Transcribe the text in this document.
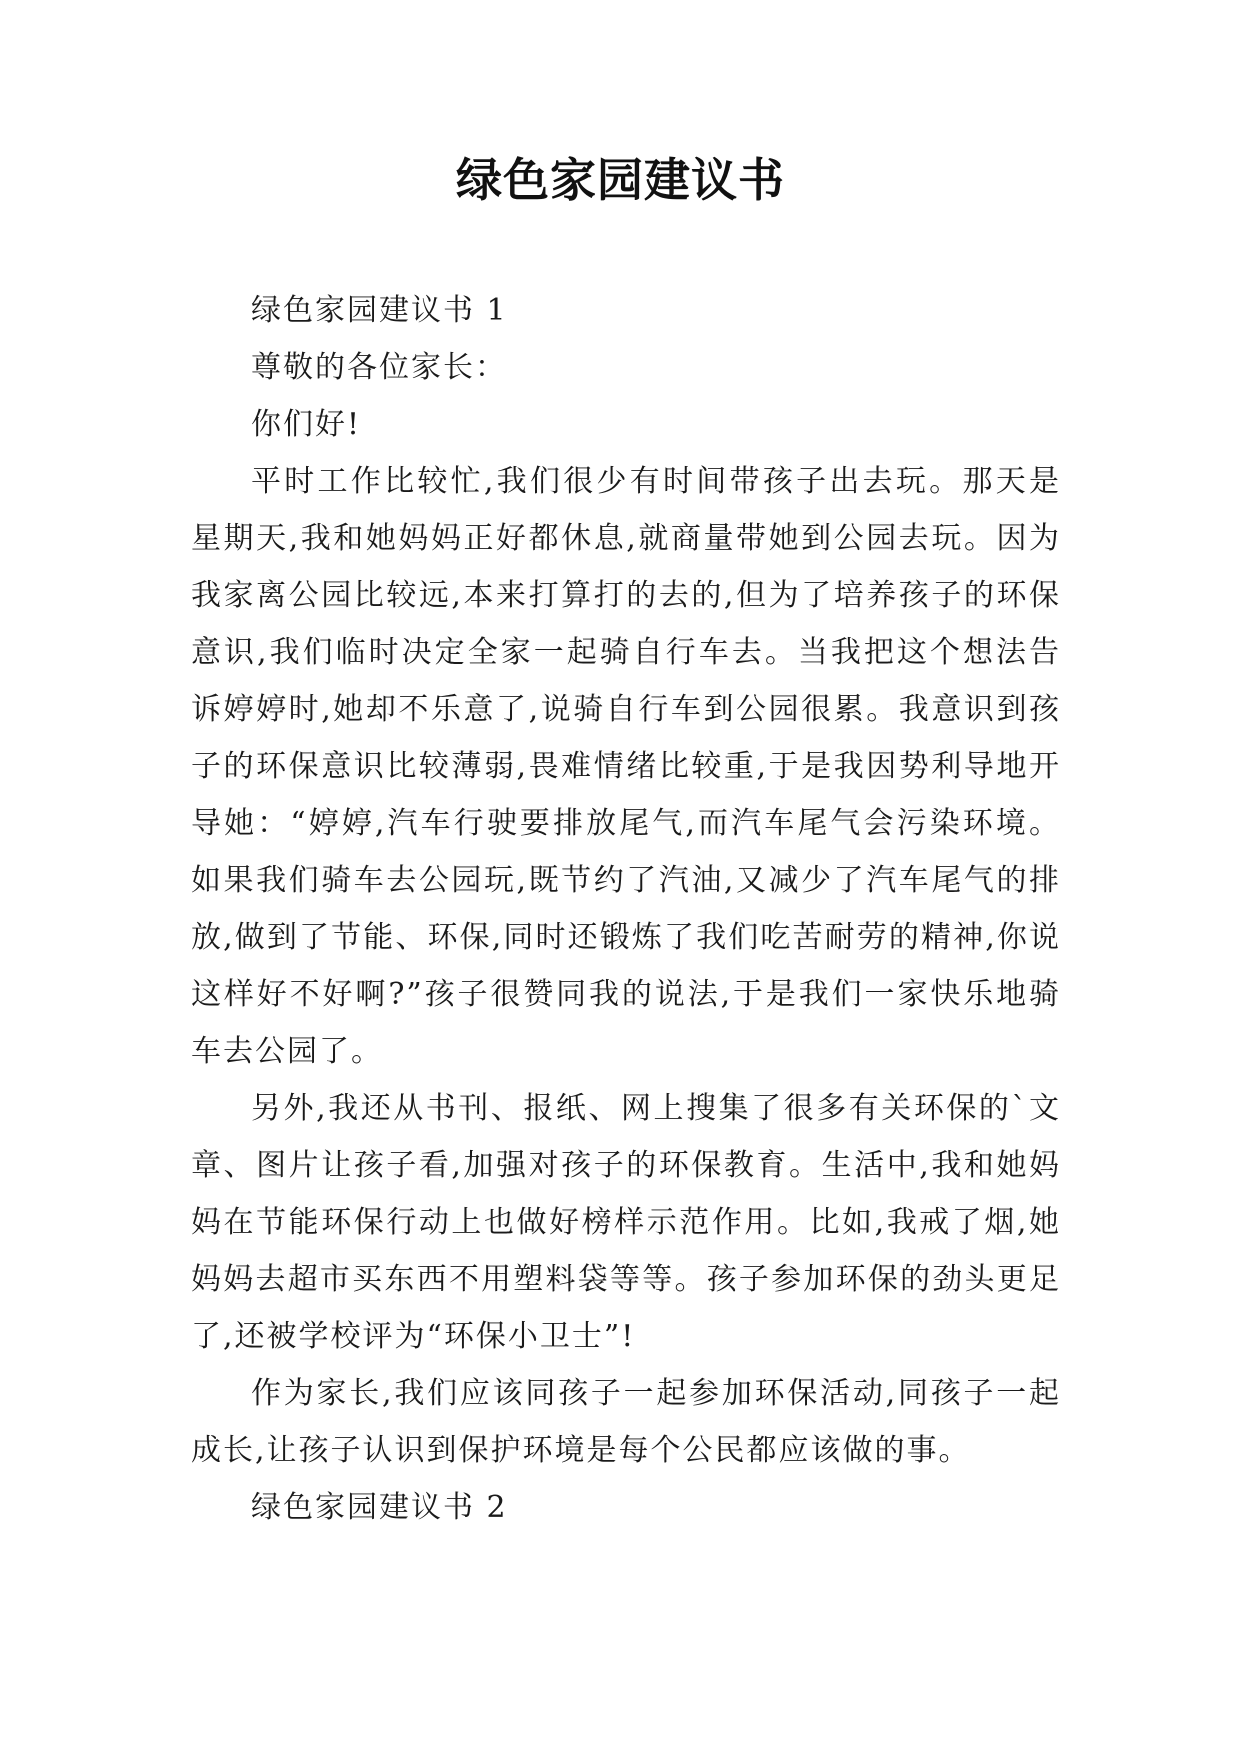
绿色家园建议书

绿色家园建议书 1

尊敬的各位家长：

你们好!

平时工作比较忙,我们很少有时间带孩子出去玩。那天是星期天,我和她妈妈正好都休息,就商量带她到公园去玩。因为我家离公园比较远,本来打算打的去的,但为了培养孩子的环保意识,我们临时决定全家一起骑自行车去。当我把这个想法告诉婷婷时,她却不乐意了,说骑自行车到公园很累。我意识到孩子的环保意识比较薄弱,畏难情绪比较重,于是我因势利导地开导她：“婷婷,汽车行驶要排放尾气,而汽车尾气会污染环境。如果我们骑车去公园玩,既节约了汽油,又减少了汽车尾气的排放,做到了节能、环保,同时还锻炼了我们吃苦耐劳的精神,你说这样好不好啊?”孩子很赞同我的说法,于是我们一家快乐地骑车去公园了。

另外,我还从书刊、报纸、网上搜集了很多有关环保的`文章、图片让孩子看,加强对孩子的环保教育。生活中,我和她妈妈在节能环保行动上也做好榜样示范作用。比如,我戒了烟,她妈妈去超市买东西不用塑料袋等等。孩子参加环保的劲头更足了,还被学校评为“环保小卫士”!

作为家长,我们应该同孩子一起参加环保活动,同孩子一起成长,让孩子认识到保护环境是每个公民都应该做的事。

绿色家园建议书 2
